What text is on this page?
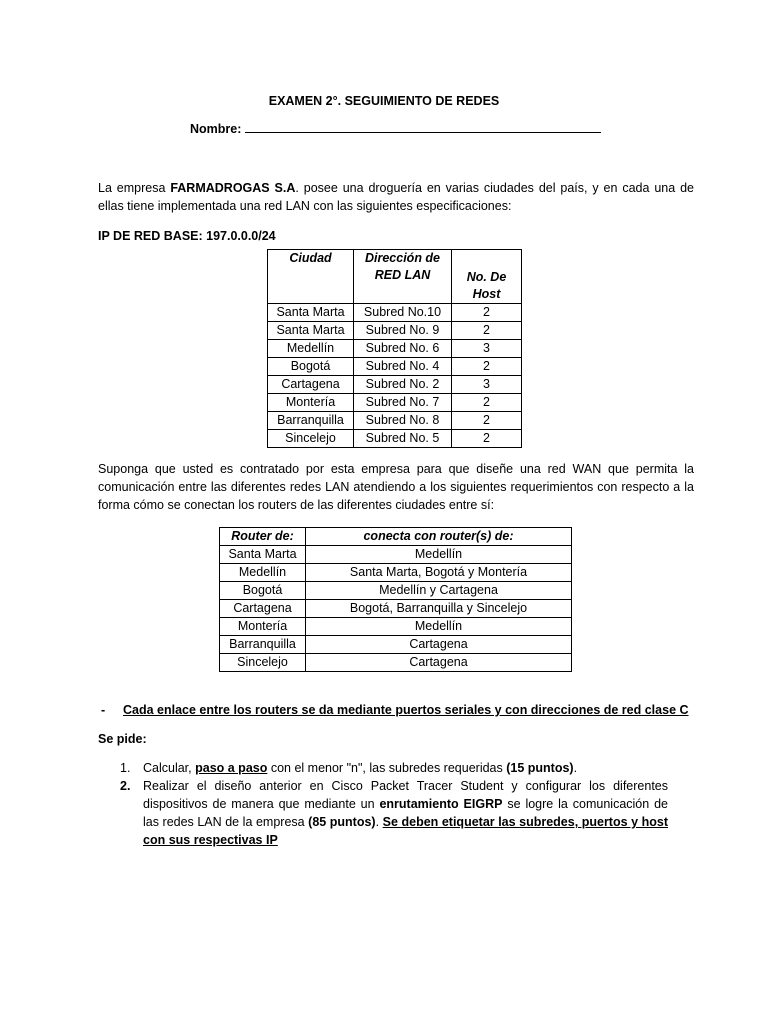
EXAMEN 2°. SEGUIMIENTO DE REDES
Nombre:
La empresa FARMADROGAS S.A. posee una droguería en varias ciudades del país, y en cada una de ellas tiene implementada una red LAN con las siguientes especificaciones:
IP DE RED BASE: 197.0.0.0/24
Ciudad	Dirección de RED LAN	No. De Host
Santa Marta	Subred No.10	2
Santa Marta	Subred No. 9	2
Medellín	Subred No. 6	3
Bogotá	Subred No. 4	2
Cartagena	Subred No. 2	3
Montería	Subred No. 7	2
Barranquilla	Subred No. 8	2
Sincelejo	Subred No. 5	2
Suponga que usted es contratado por esta empresa para que diseñe una red WAN que permita la comunicación entre las diferentes redes LAN atendiendo a los siguientes requerimientos con respecto a la forma cómo se conectan los routers de las diferentes ciudades entre sí:
Router de:	conecta con router(s) de:
Santa Marta	Medellín
Medellín	Santa Marta, Bogotá y Montería
Bogotá	Medellín y Cartagena
Cartagena	Bogotá, Barranquilla y Sincelejo
Montería	Medellín
Barranquilla	Cartagena
Sincelejo	Cartagena
- Cada enlace entre los routers se da mediante puertos seriales y con direcciones de red clase C
Se pide:
1. Calcular, paso a paso con el menor "n", las subredes requeridas (15 puntos).
2. Realizar el diseño anterior en Cisco Packet Tracer Student y configurar los diferentes dispositivos de manera que mediante un enrutamiento EIGRP se logre la comunicación de las redes LAN de la empresa (85 puntos). Se deben etiquetar las subredes, puertos y host con sus respectivas IP
